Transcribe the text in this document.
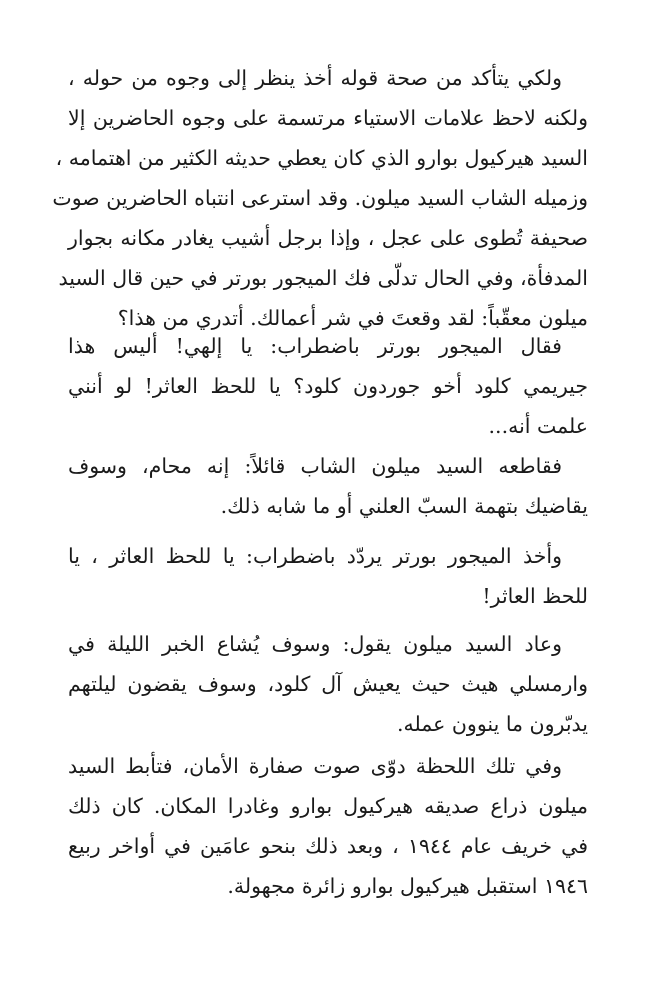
ولكي يتأكد من صحة قوله أخذ ينظر إلى وجوه من حوله ،
ولكنه لاحظ علامات الاستياء مرتسمة على وجوه الحاضرين إلا
السيد هيركيول بوارو الذي كان يعطي حديثه الكثير من اهتمامه ،
وزميله الشاب السيد ميلون. وقد استرعى انتباه الحاضرين صوت
صحيفة تُطوى على عجل ، وإذا برجل أشيب يغادر مكانه بجوار
المدفأة، وفي الحال تدلّى فك الميجور بورتر في حين قال السيد
ميلون معقّباً: لقد وقعتَ في شر أعمالك. أتدري من هذا؟
فقال الميجور بورتر باضطراب: يا إلهي! أليس هذا
جيريمي كلود أخو جوردون كلود؟ يا للحظ العاثر! لو أنني
علمت أنه...
فقاطعه السيد ميلون الشاب قائلاً: إنه محام، وسوف
يقاضيك بتهمة السبّ العلني أو ما شابه ذلك.
وأخذ الميجور بورتر يردّد باضطراب: يا للحظ العاثر ، يا
للحظ العاثر!
وعاد السيد ميلون يقول: وسوف يُشاع الخبر الليلة في
وارمسلي هيث حيث يعيش آل كلود، وسوف يقضون ليلتهم
يدبّرون ما ينوون عمله.
وفي تلك اللحظة دوّى صوت صفارة الأمان، فتأبط السيد
ميلون ذراع صديقه هيركيول بوارو وغادرا المكان. كان ذلك
في خريف عام ١٩٤٤ ، وبعد ذلك بنحو عامَين في أواخر ربيع
١٩٤٦ استقبل هيركيول بوارو زائرة مجهولة.
